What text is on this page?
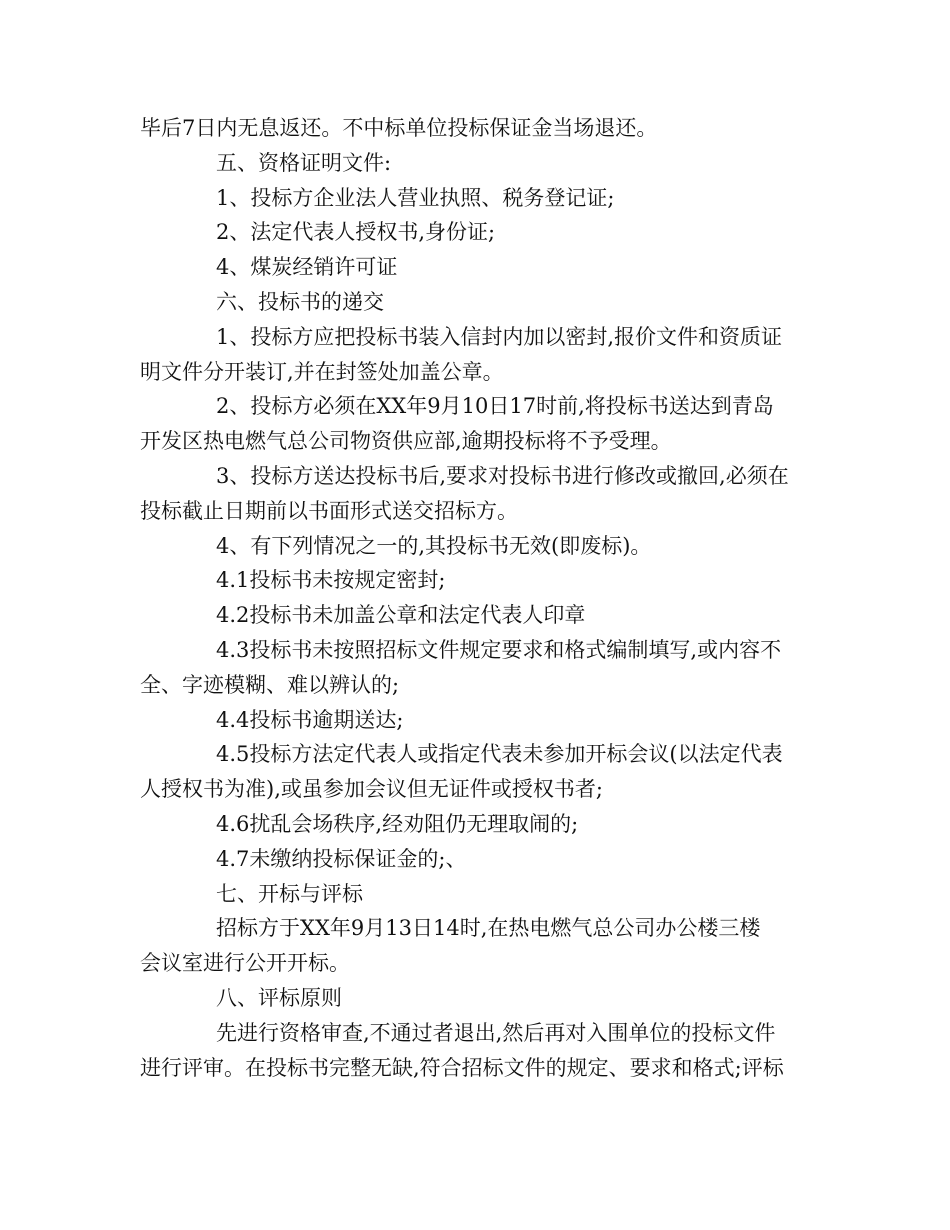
毕后7日内无息返还。不中标单位投标保证金当场退还。
五、资格证明文件:
1、投标方企业法人营业执照、税务登记证;
2、法定代表人授权书,身份证;
4、煤炭经销许可证
六、投标书的递交
1、投标方应把投标书装入信封内加以密封,报价文件和资质证
明文件分开装订,并在封签处加盖公章。
2、投标方必须在XX年9月10日17时前,将投标书送达到青岛
开发区热电燃气总公司物资供应部,逾期投标将不予受理。
3、投标方送达投标书后,要求对投标书进行修改或撤回,必须在
投标截止日期前以书面形式送交招标方。
4、有下列情况之一的,其投标书无效(即废标)。
4.1投标书未按规定密封;
4.2投标书未加盖公章和法定代表人印章
4.3投标书未按照招标文件规定要求和格式编制填写,或内容不
全、字迹模糊、难以辨认的;
4.4投标书逾期送达;
4.5投标方法定代表人或指定代表未参加开标会议(以法定代表
人授权书为准),或虽参加会议但无证件或授权书者;
4.6扰乱会场秩序,经劝阻仍无理取闹的;
4.7未缴纳投标保证金的;、
七、开标与评标
招标方于XX年9月13日14时,在热电燃气总公司办公楼三楼
会议室进行公开开标。
八、评标原则
先进行资格审查,不通过者退出,然后再对入围单位的投标文件
进行评审。在投标书完整无缺,符合招标文件的规定、要求和格式;评标
